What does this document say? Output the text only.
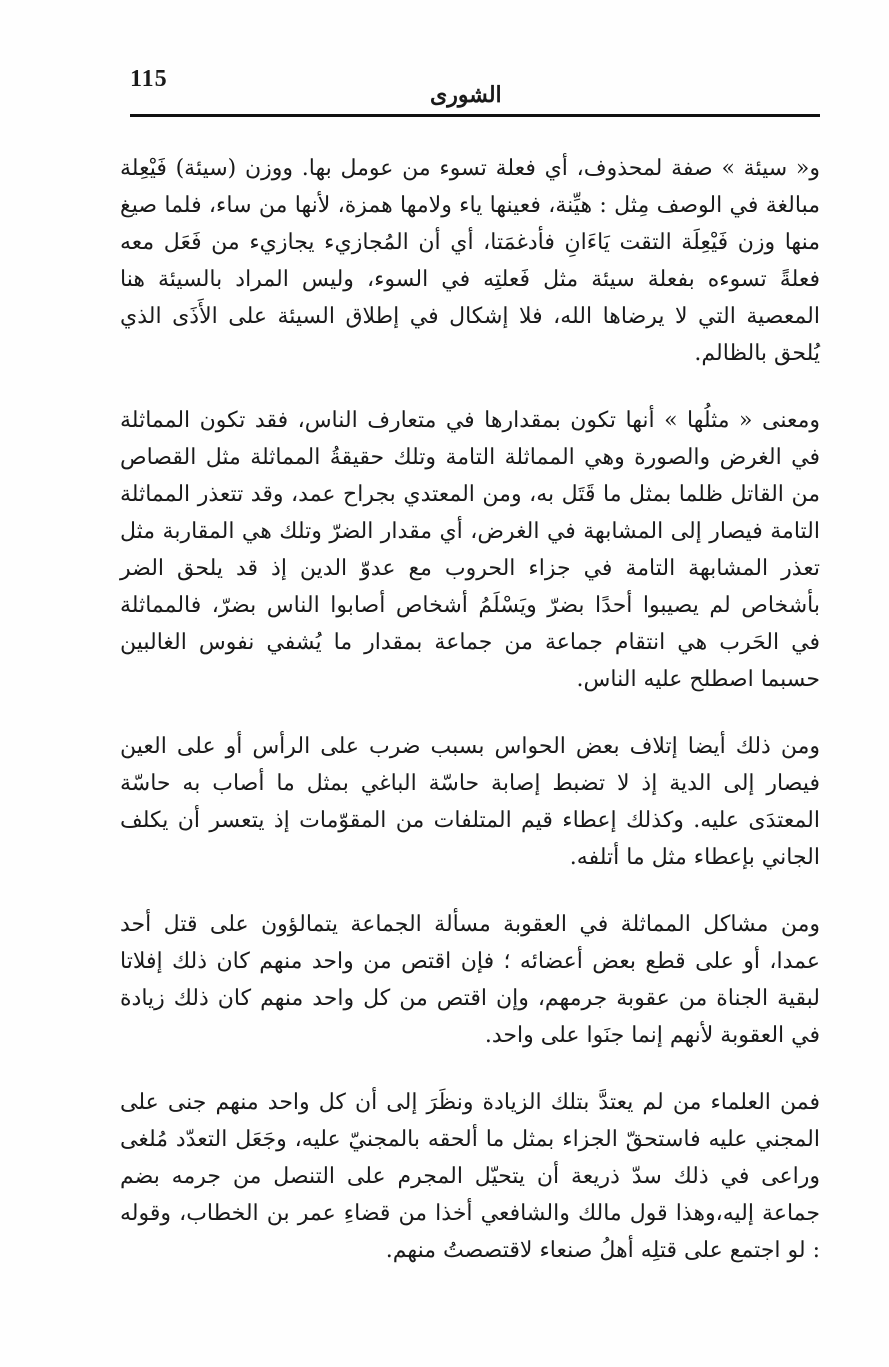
115
الشورى

و« سيئة » صفة لمحذوف، أي فعلة تسوء من عومل بها. ووزن (سيئة) فَيْعِلة مبالغة في الوصف مِثل : هيِّنة، فعينها ياء ولامها همزة، لأنها من ساء، فلما صيغ منها وزن فَيْعِلَة التقت يَاءَانِ فأدغمَتا، أي أن المُجازيء يجازيء من فَعَل معه فعلةً تسوءه بفعلة سيئة مثل فَعلتِه في السوء، وليس المراد بالسيئة هنا المعصية التي لا يرضاها الله، فلا إشكال في إطلاق السيئة على الأَذَى الذي يُلحق بالظالم.

ومعنى « مثلُها » أنها تكون بمقدارها في متعارف الناس، فقد تكون المماثلة في الغرض والصورة وهي المماثلة التامة وتلك حقيقةُ المماثلة مثل القصاص من القاتل ظلما بمثل ما قَتَل به، ومن المعتدي بجراح عمد، وقد تتعذر المماثلة التامة فيصار إلى المشابهة في الغرض، أي مقدار الضرّ وتلك هي المقاربة مثل تعذر المشابهة التامة في جزاء الحروب مع عدوّ الدين إذ قد يلحق الضر بأشخاص لم يصيبوا أحدًا بضرّ ويَسْلَمُ أشخاص أصابوا الناس بضرّ، فالمماثلة في الحَرب هي انتقام جماعة من جماعة بمقدار ما يُشفي نفوس الغالبين حسبما اصطلح عليه الناس.

ومن ذلك أيضا إتلاف بعض الحواس بسبب ضرب على الرأس أو على العين فيصار إلى الدية إذ لا تضبط إصابة حاسّة الباغي بمثل ما أصاب به حاسّة المعتدَى عليه. وكذلك إعطاء قيم المتلفات من المقوّمات إذ يتعسر أن يكلف الجاني بإعطاء مثل ما أتلفه.

ومن مشاكل المماثلة في العقوبة مسألة الجماعة يتمالؤون على قتل أحد عمدا، أو على قطع بعض أعضائه ؛ فإن اقتص من واحد منهم كان ذلك إفلاتا لبقية الجناة من عقوبة جرمهم، وإن اقتص من كل واحد منهم كان ذلك زيادة في العقوبة لأنهم إنما جنَوا على واحد.

فمن العلماء من لم يعتدَّ بتلك الزيادة ونظَرَ إلى أن كل واحد منهم جنى على المجني عليه فاستحقّ الجزاء بمثل ما ألحقه بالمجنيّ عليه، وجَعَل التعدّد مُلغى وراعى في ذلك سدّ ذريعة أن يتحيّل المجرم على التنصل من جرمه بضم جماعة إليه،وهذا قول مالك والشافعي أخذا من قضاءِ عمر بن الخطاب، وقوله : لو اجتمع على قتلِه أهلُ صنعاء لاقتصصتُ منهم.
